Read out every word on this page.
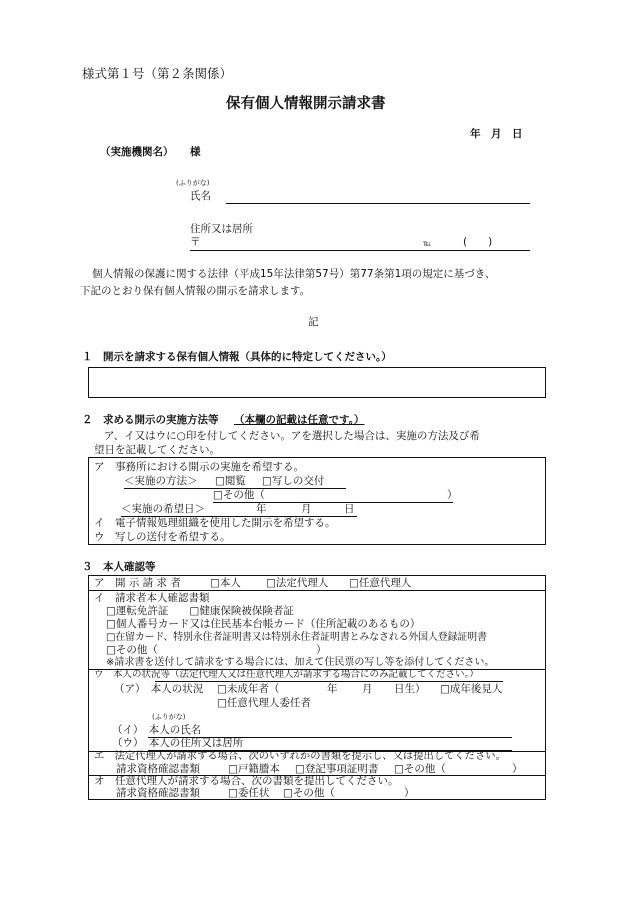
様式第１号（第２条関係）
保有個人情報開示請求書
年　月　日
（実施機関名） 様
(ふりがな)
氏名
住所又は居所
〒	℡	(　　)
個人情報の保護に関する法律（平成15年法律第57号）第77条第1項の規定に基づき、
下記のとおり保有個人情報の開示を請求します。
記
１　開示を請求する保有個人情報（具体的に特定してください。）
２　求める開示の実施方法等 （本欄の記載は任意です。）
ア、イ又はウに○印を付してください。アを選択した場合は、実施の方法及び希
望日を記載してください。
ア　事務所における開示の実施を希望する。
＜実施の方法＞ □閲覧 □写しの交付
□その他（	）
＜実施の希望日＞	年	月	日
イ　電子情報処理組織を使用した開示を希望する。
ウ　写しの送付を希望する。
３　本人確認等
ア　開 示 請 求 者	□本人 □法定代理人 □任意代理人
イ　請求者本人確認書類
□運転免許証　　□健康保険被保険者証
□個人番号カード又は住民基本台帳カード（住所記載のあるもの）
□在留カード、特別永住者証明書又は特別永住者証明書とみなされる外国人登録証明書
□その他（	）
※請求書を送付して請求をする場合には、加えて住民票の写し等を添付してください。
ウ　本人の状況等（法定代理人又は任意代理人が請求する場合にのみ記載してください。）
（ア）　本人の状況 □未成年者（	年 月 日生） □成年後見人
□任意代理人委任者
(ふりがな)
（イ）　本人の氏名
（ウ）　本人の住所又は居所
エ　法定代理人が請求する場合、次のいずれかの書類を提示し、又は提出してください。
請求資格確認書類	□戸籍謄本 □登記事項証明書 □その他（	）
オ　任意代理人が請求する場合、次の書類を提出してください。
請求資格確認書類	□委任状 □その他（	）
